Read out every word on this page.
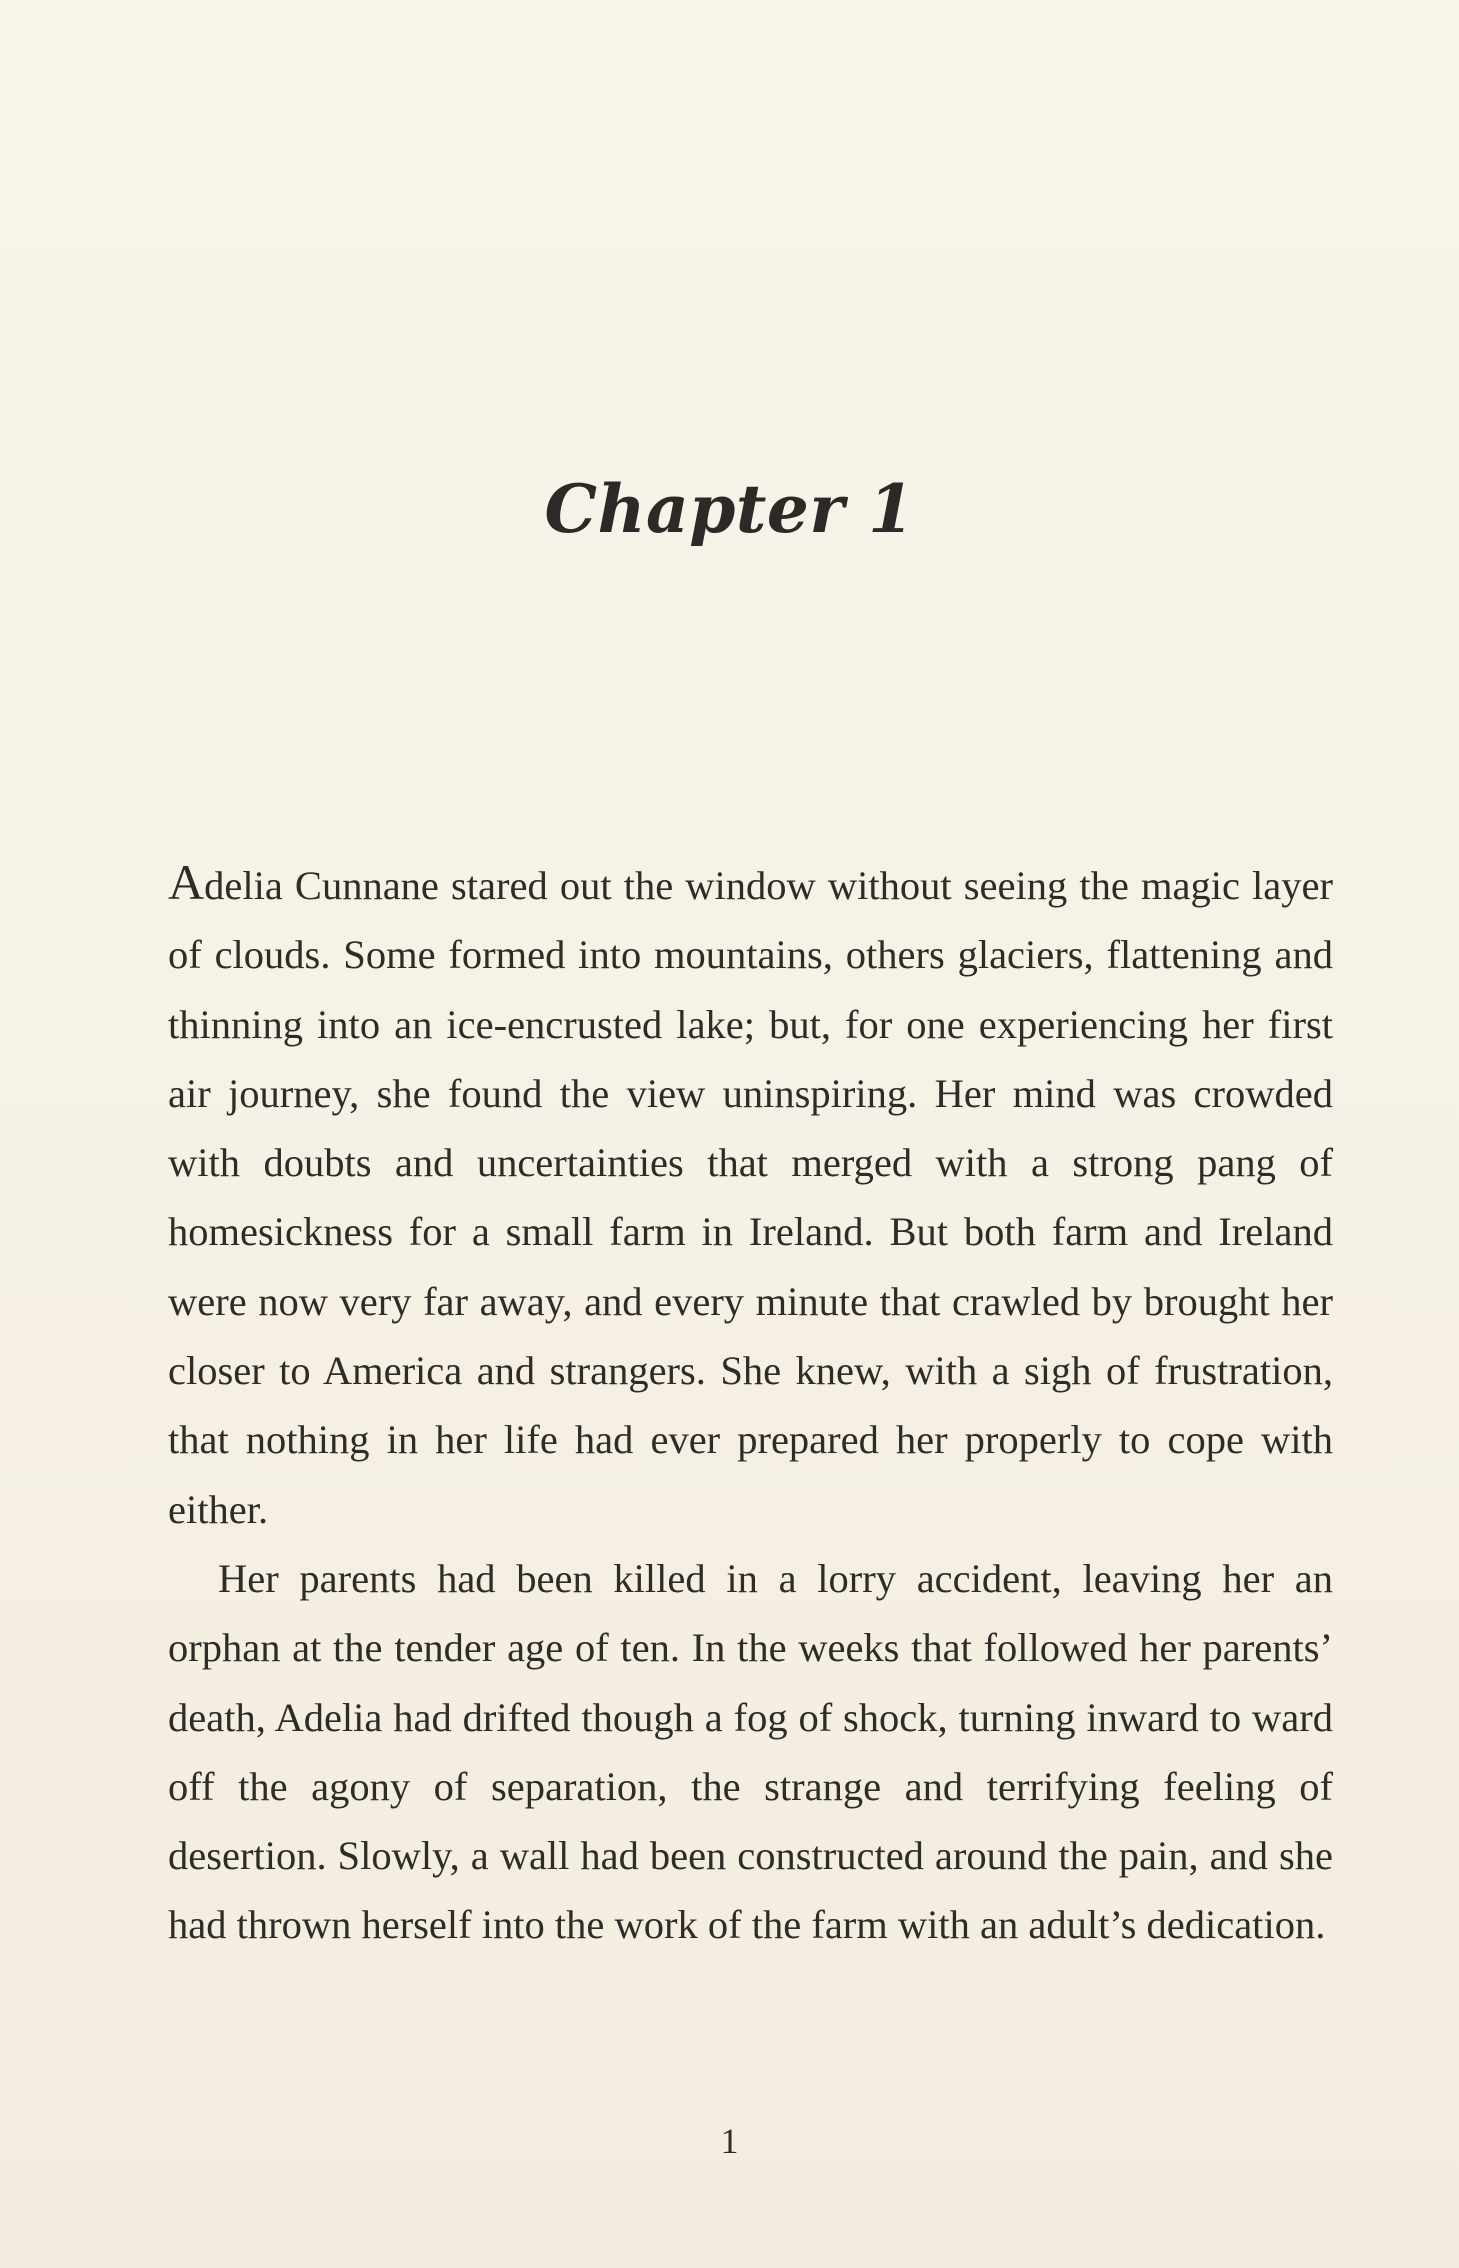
Chapter 1

Adelia Cunnane stared out the window without seeing the magic layer of clouds. Some formed into mountains, others glaciers, flattening and thinning into an ice-encrusted lake; but, for one experiencing her first air journey, she found the view uninspiring. Her mind was crowded with doubts and uncertainties that merged with a strong pang of homesickness for a small farm in Ireland. But both farm and Ireland were now very far away, and every minute that crawled by brought her closer to America and strangers. She knew, with a sigh of frustration, that nothing in her life had ever prepared her properly to cope with either.

Her parents had been killed in a lorry accident, leaving her an orphan at the tender age of ten. In the weeks that followed her parents’ death, Adelia had drifted though a fog of shock, turning inward to ward off the agony of separation, the strange and terrifying feeling of desertion. Slowly, a wall had been constructed around the pain, and she had thrown herself into the work of the farm with an adult’s dedication.

1
